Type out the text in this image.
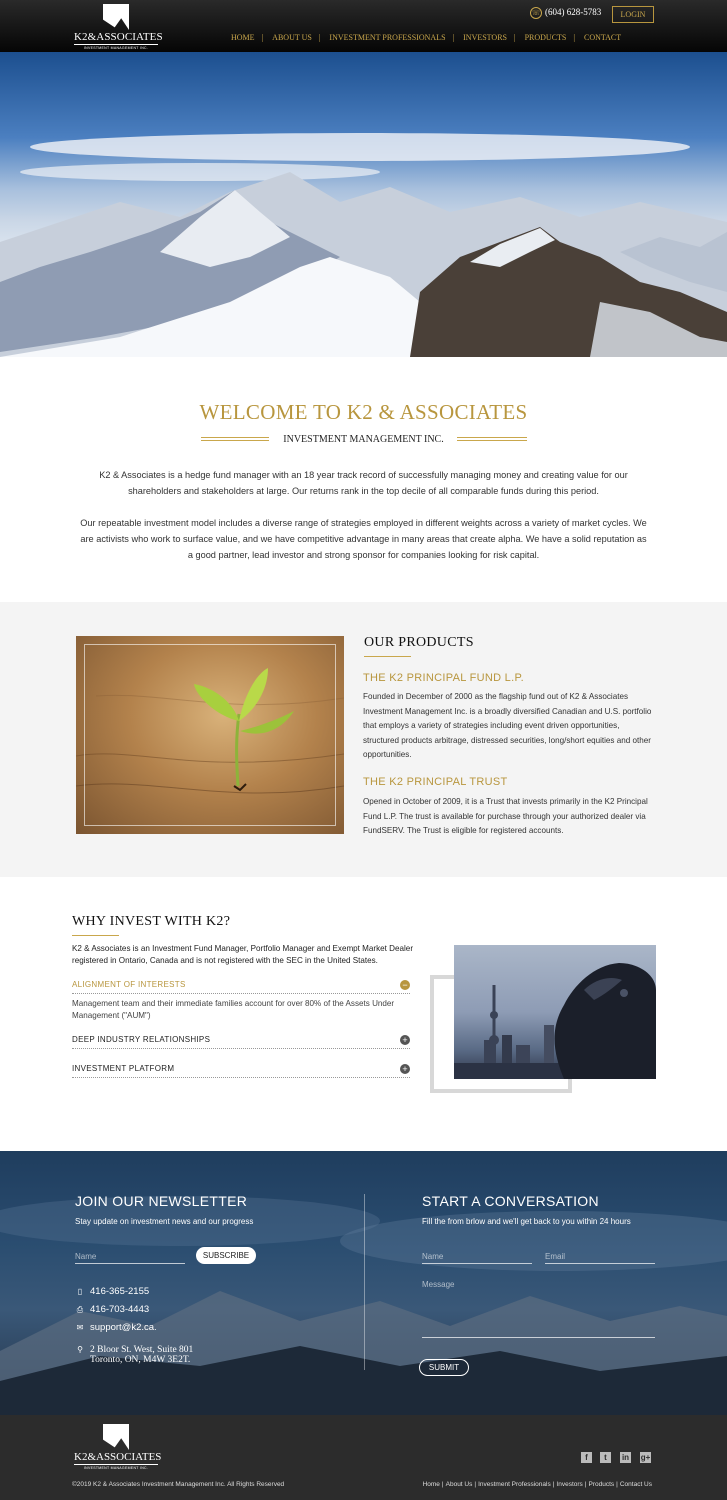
K2&ASSOCIATES
INVESTMENT MANAGEMENT INC.
☏ (604) 628-5783	LOGIN
HOME | ABOUT US | INVESTMENT PROFESSIONALS | INVESTORS | PRODUCTS | CONTACT
WELCOME TO K2 & ASSOCIATES
INVESTMENT MANAGEMENT INC.
K2 & Associates is a hedge fund manager with an 18 year track record of successfully managing money and creating value for our shareholders and stakeholders at large. Our returns rank in the top decile of all comparable funds during this period.
Our repeatable investment model includes a diverse range of strategies employed in different weights across a variety of market cycles. We are activists who work to surface value, and we have competitive advantage in many areas that create alpha. We have a solid reputation as a good partner, lead investor and strong sponsor for companies looking for risk capital.
OUR PRODUCTS
THE K2 PRINCIPAL FUND L.P.
Founded in December of 2000 as the flagship fund out of K2 & Associates Investment Management Inc. is a broadly diversified Canadian and U.S. portfolio that employs a variety of strategies including event driven opportunities, structured products arbitrage, distressed securities, long/short equities and other opportunities.
THE K2 PRINCIPAL TRUST
Opened in October of 2009, it is a Trust that invests primarily in the K2 Principal Fund L.P. The trust is available for purchase through your authorized dealer via FundSERV. The Trust is eligible for registered accounts.
WHY INVEST WITH K2?
K2 & Associates is an Investment Fund Manager, Portfolio Manager and Exempt Market Dealer registered in Ontario, Canada and is not registered with the SEC in the United States.
ALIGNMENT OF INTERESTS	−
Management team and their immediate families account for over 80% of the Assets Under Management ("AUM")
DEEP INDUSTRY RELATIONSHIPS	+
INVESTMENT PLATFORM	+
JOIN OUR NEWSLETTER
Stay update on investment news and our progress
Name	SUBSCRIBE
▯ 416-365-2155
⎙ 416-703-4443
✉ support@k2.ca.
⚲ 2 Bloor St. West, Suite 801
Toronto, ON, M4W 3E2T.
START A CONVERSATION
Fill the from brlow and we'll get back to you within 24 hours
Name	Email
Message
SUBMIT
K2&ASSOCIATES
INVESTMENT MANAGEMENT INC.
f	t	in g+
©2019 K2 & Associates Investment Management Inc. All Rights Reserved	Home | About Us | Investment Professionals | Investors | Products | Contact Us
